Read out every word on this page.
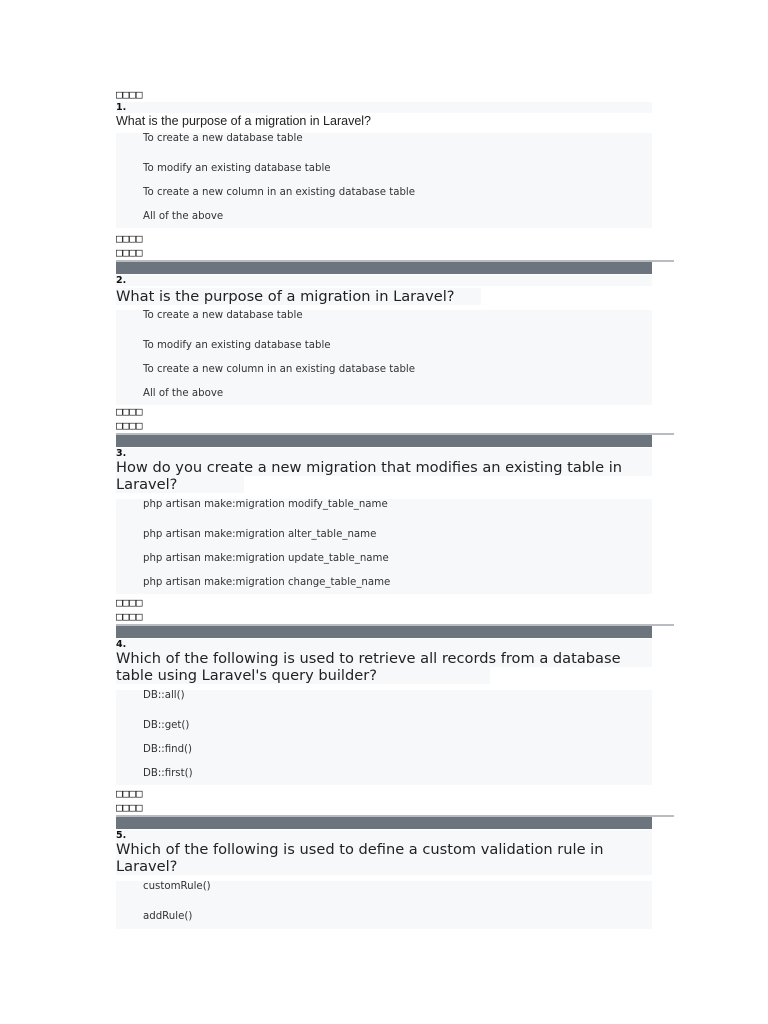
□□□□
1.
What is the purpose of a migration in Laravel?
To create a new database table
To modify an existing database table
To create a new column in an existing database table
All of the above
□□□□
□□□□
2.
What is the purpose of a migration in Laravel?
To create a new database table
To modify an existing database table
To create a new column in an existing database table
All of the above
□□□□
□□□□
3.
How do you create a new migration that modifies an existing table in Laravel?
php artisan make:migration modify_table_name
php artisan make:migration alter_table_name
php artisan make:migration update_table_name
php artisan make:migration change_table_name
□□□□
□□□□
4.
Which of the following is used to retrieve all records from a database table using Laravel's query builder?
DB::all()
DB::get()
DB::find()
DB::first()
□□□□
□□□□
5.
Which of the following is used to define a custom validation rule in Laravel?
customRule()
addRule()
